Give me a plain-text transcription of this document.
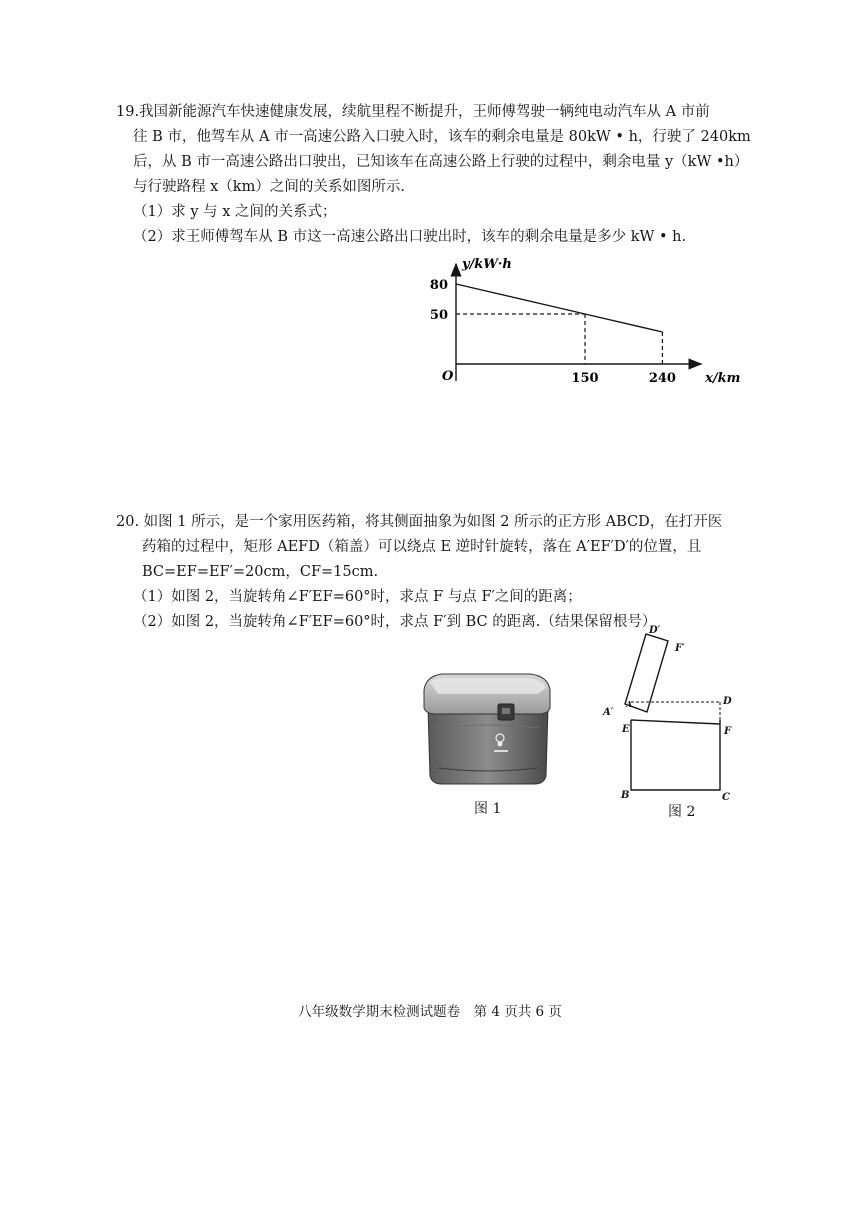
19.我国新能源汽车快速健康发展，续航里程不断提升，王师傅驾驶一辆纯电动汽车从 A 市前
往 B 市，他驾车从 A 市一高速公路入口驶入时，该车的剩余电量是 80kW • h，行驶了 240km
后，从 B 市一高速公路出口驶出，已知该车在高速公路上行驶的过程中，剩余电量 y（kW •h）
与行驶路程 x（km）之间的关系如图所示.
（1）求 y 与 x 之间的关系式；
（2）求王师傅驾车从 B 市这一高速公路出口驶出时，该车的剩余电量是多少 kW • h.
150	240
80
50
y/kW·h
x/km
O
20. 如图 1 所示，是一个家用医药箱，将其侧面抽象为如图 2 所示的正方形 ABCD，在打开医
药箱的过程中，矩形 AEFD（箱盖）可以绕点 E 逆时针旋转，落在 A′EF′D′的位置，且
BC=EF=EF′=20cm，CF=15cm.
（1）如图 2，当旋转角∠F′EF=60°时，求点 F 与点 F′之间的距离；
（2）如图 2，当旋转角∠F′EF=60°时，求点 F′到 BC 的距离.（结果保留根号）
图 1
D′
F′
A′
A	D
E	F
B	C
图 2
八年级数学期末检测试题卷　第 4 页共 6 页
